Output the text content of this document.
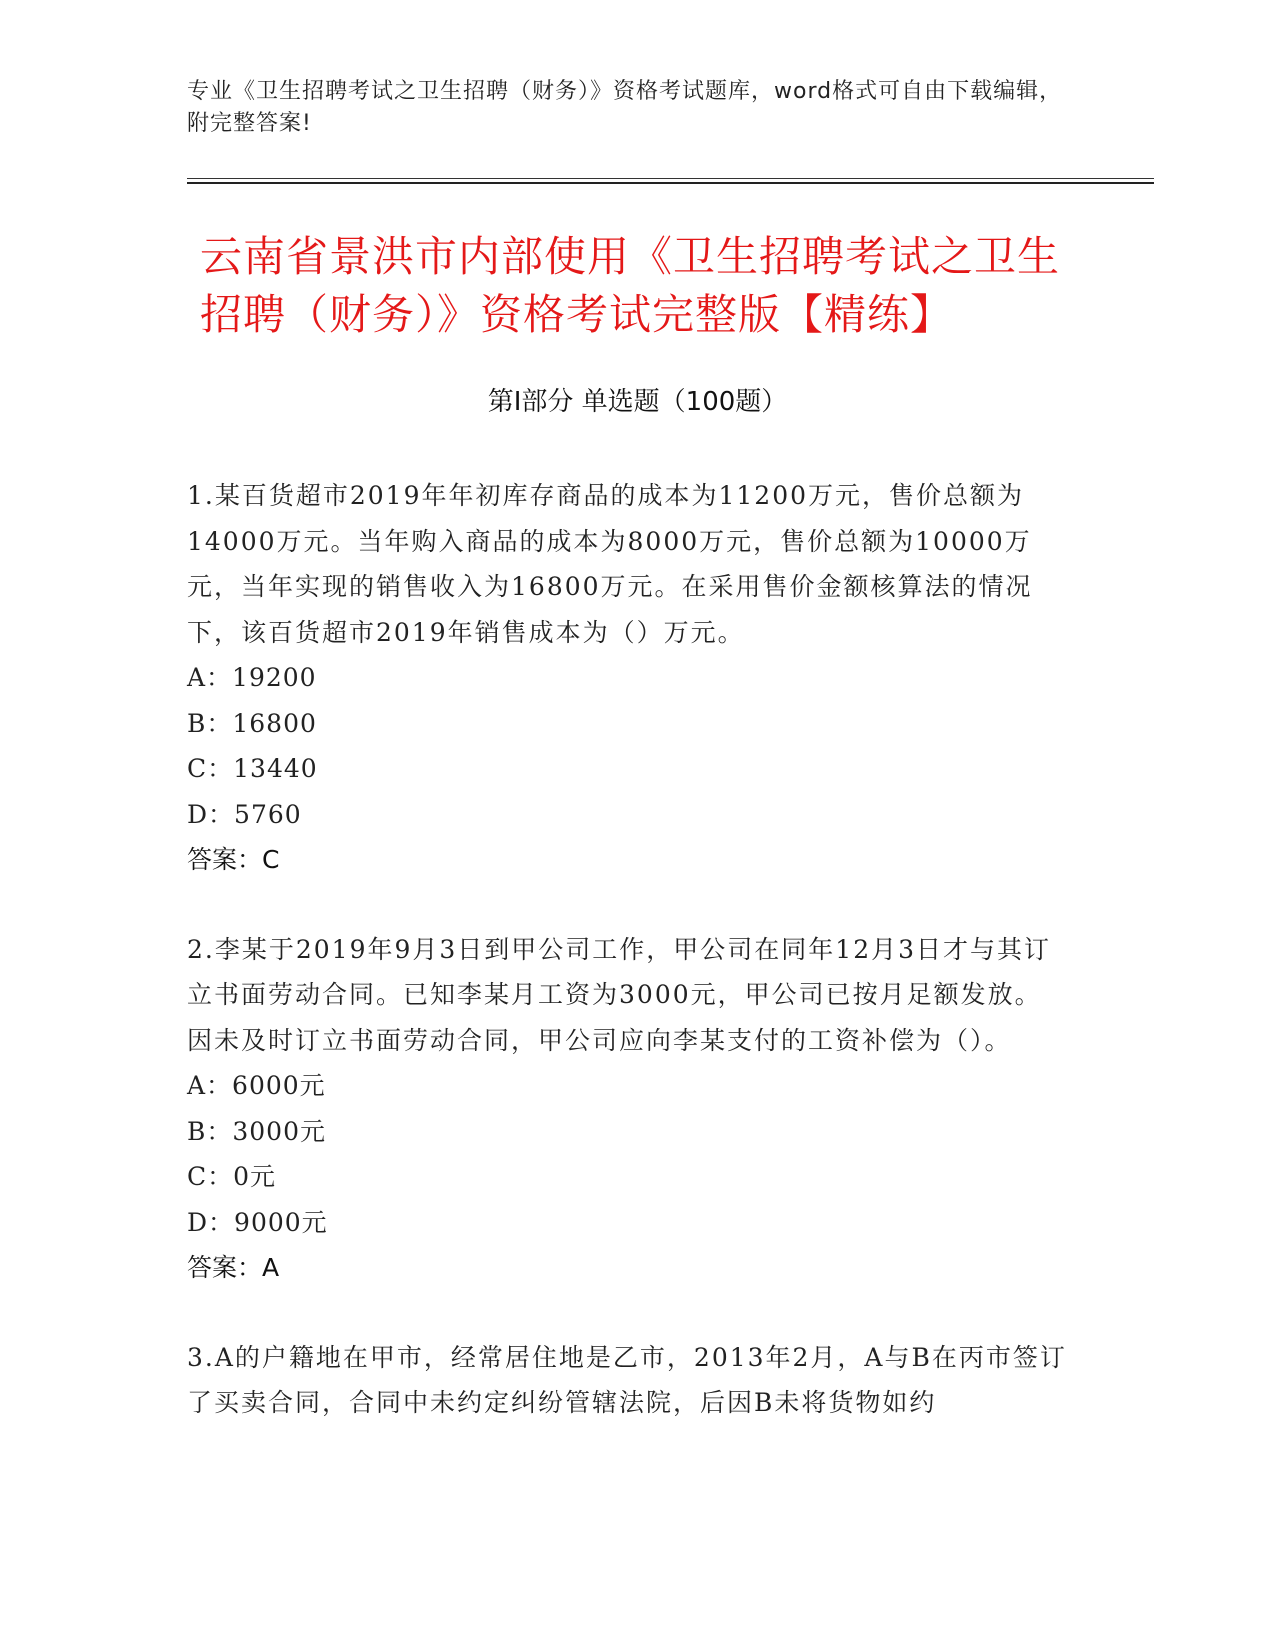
专业《卫生招聘考试之卫生招聘（财务）》资格考试题库，word格式可自由下载编辑，附完整答案!
云南省景洪市内部使用《卫生招聘考试之卫生招聘（财务）》资格考试完整版【精练】
第Ⅰ部分 单选题（100题）

1.某百货超市2019年年初库存商品的成本为11200万元，售价总额为14000万元。当年购入商品的成本为8000万元，售价总额为10000万元，当年实现的销售收入为16800万元。在采用售价金额核算法的情况下，该百货超市2019年销售成本为（）万元。

A：19200

B：16800

C：13440

D：5760

答案：C

2.李某于2019年9月3日到甲公司工作，甲公司在同年12月3日才与其订立书面劳动合同。已知李某月工资为3000元，甲公司已按月足额发放。因未及时订立书面劳动合同，甲公司应向李某支付的工资补偿为（）。

A：6000元

B：3000元

C：0元

D：9000元

答案：A

3.A的户籍地在甲市，经常居住地是乙市，2013年2月，A与B在丙市签订了买卖合同，合同中未约定纠纷管辖法院，后因B未将货物如约
